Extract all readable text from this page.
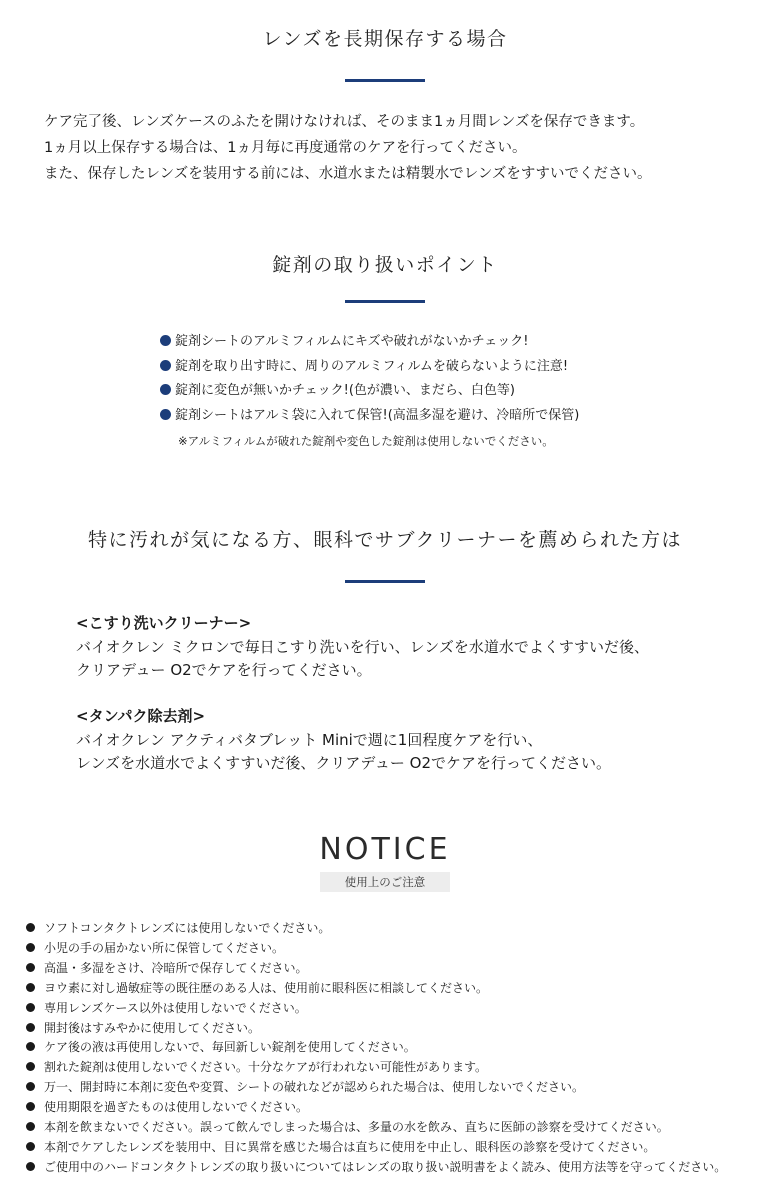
レンズを長期保存する場合
ケア完了後、レンズケースのふたを開けなければ、そのまま1ヵ月間レンズを保存できます。
1ヵ月以上保存する場合は、1ヵ月毎に再度通常のケアを行ってください。
また、保存したレンズを装用する前には、水道水または精製水でレンズをすすいでください。
錠剤の取り扱いポイント
錠剤シートのアルミフィルムにキズや破れがないかチェック!
錠剤を取り出す時に、周りのアルミフィルムを破らないように注意!
錠剤に変色が無いかチェック!(色が濃い、まだら、白色等)
錠剤シートはアルミ袋に入れて保管!(高温多湿を避け、冷暗所で保管)
※アルミフィルムが破れた錠剤や変色した錠剤は使用しないでください。
特に汚れが気になる方、眼科でサブクリーナーを薦められた方は
<こすり洗いクリーナー>
バイオクレン ミクロンで毎日こすり洗いを行い、レンズを水道水でよくすすいだ後、
クリアデュー O2でケアを行ってください。
<タンパク除去剤>
バイオクレン アクティバタブレット Miniで週に1回程度ケアを行い、
レンズを水道水でよくすすいだ後、クリアデュー O2でケアを行ってください。
NOTICE
使用上のご注意
ソフトコンタクトレンズには使用しないでください。
小児の手の届かない所に保管してください。
高温・多湿をさけ、冷暗所で保存してください。
ヨウ素に対し過敏症等の既往歴のある人は、使用前に眼科医に相談してください。
専用レンズケース以外は使用しないでください。
開封後はすみやかに使用してください。
ケア後の液は再使用しないで、毎回新しい錠剤を使用してください。
割れた錠剤は使用しないでください。十分なケアが行われない可能性があります。
万一、開封時に本剤に変色や変質、シートの破れなどが認められた場合は、使用しないでください。
使用期限を過ぎたものは使用しないでください。
本剤を飲まないでください。誤って飲んでしまった場合は、多量の水を飲み、直ちに医師の診察を受けてください。
本剤でケアしたレンズを装用中、目に異常を感じた場合は直ちに使用を中止し、眼科医の診察を受けてください。
ご使用中のハードコンタクトレンズの取り扱いについてはレンズの取り扱い説明書をよく読み、使用方法等を守ってください。
